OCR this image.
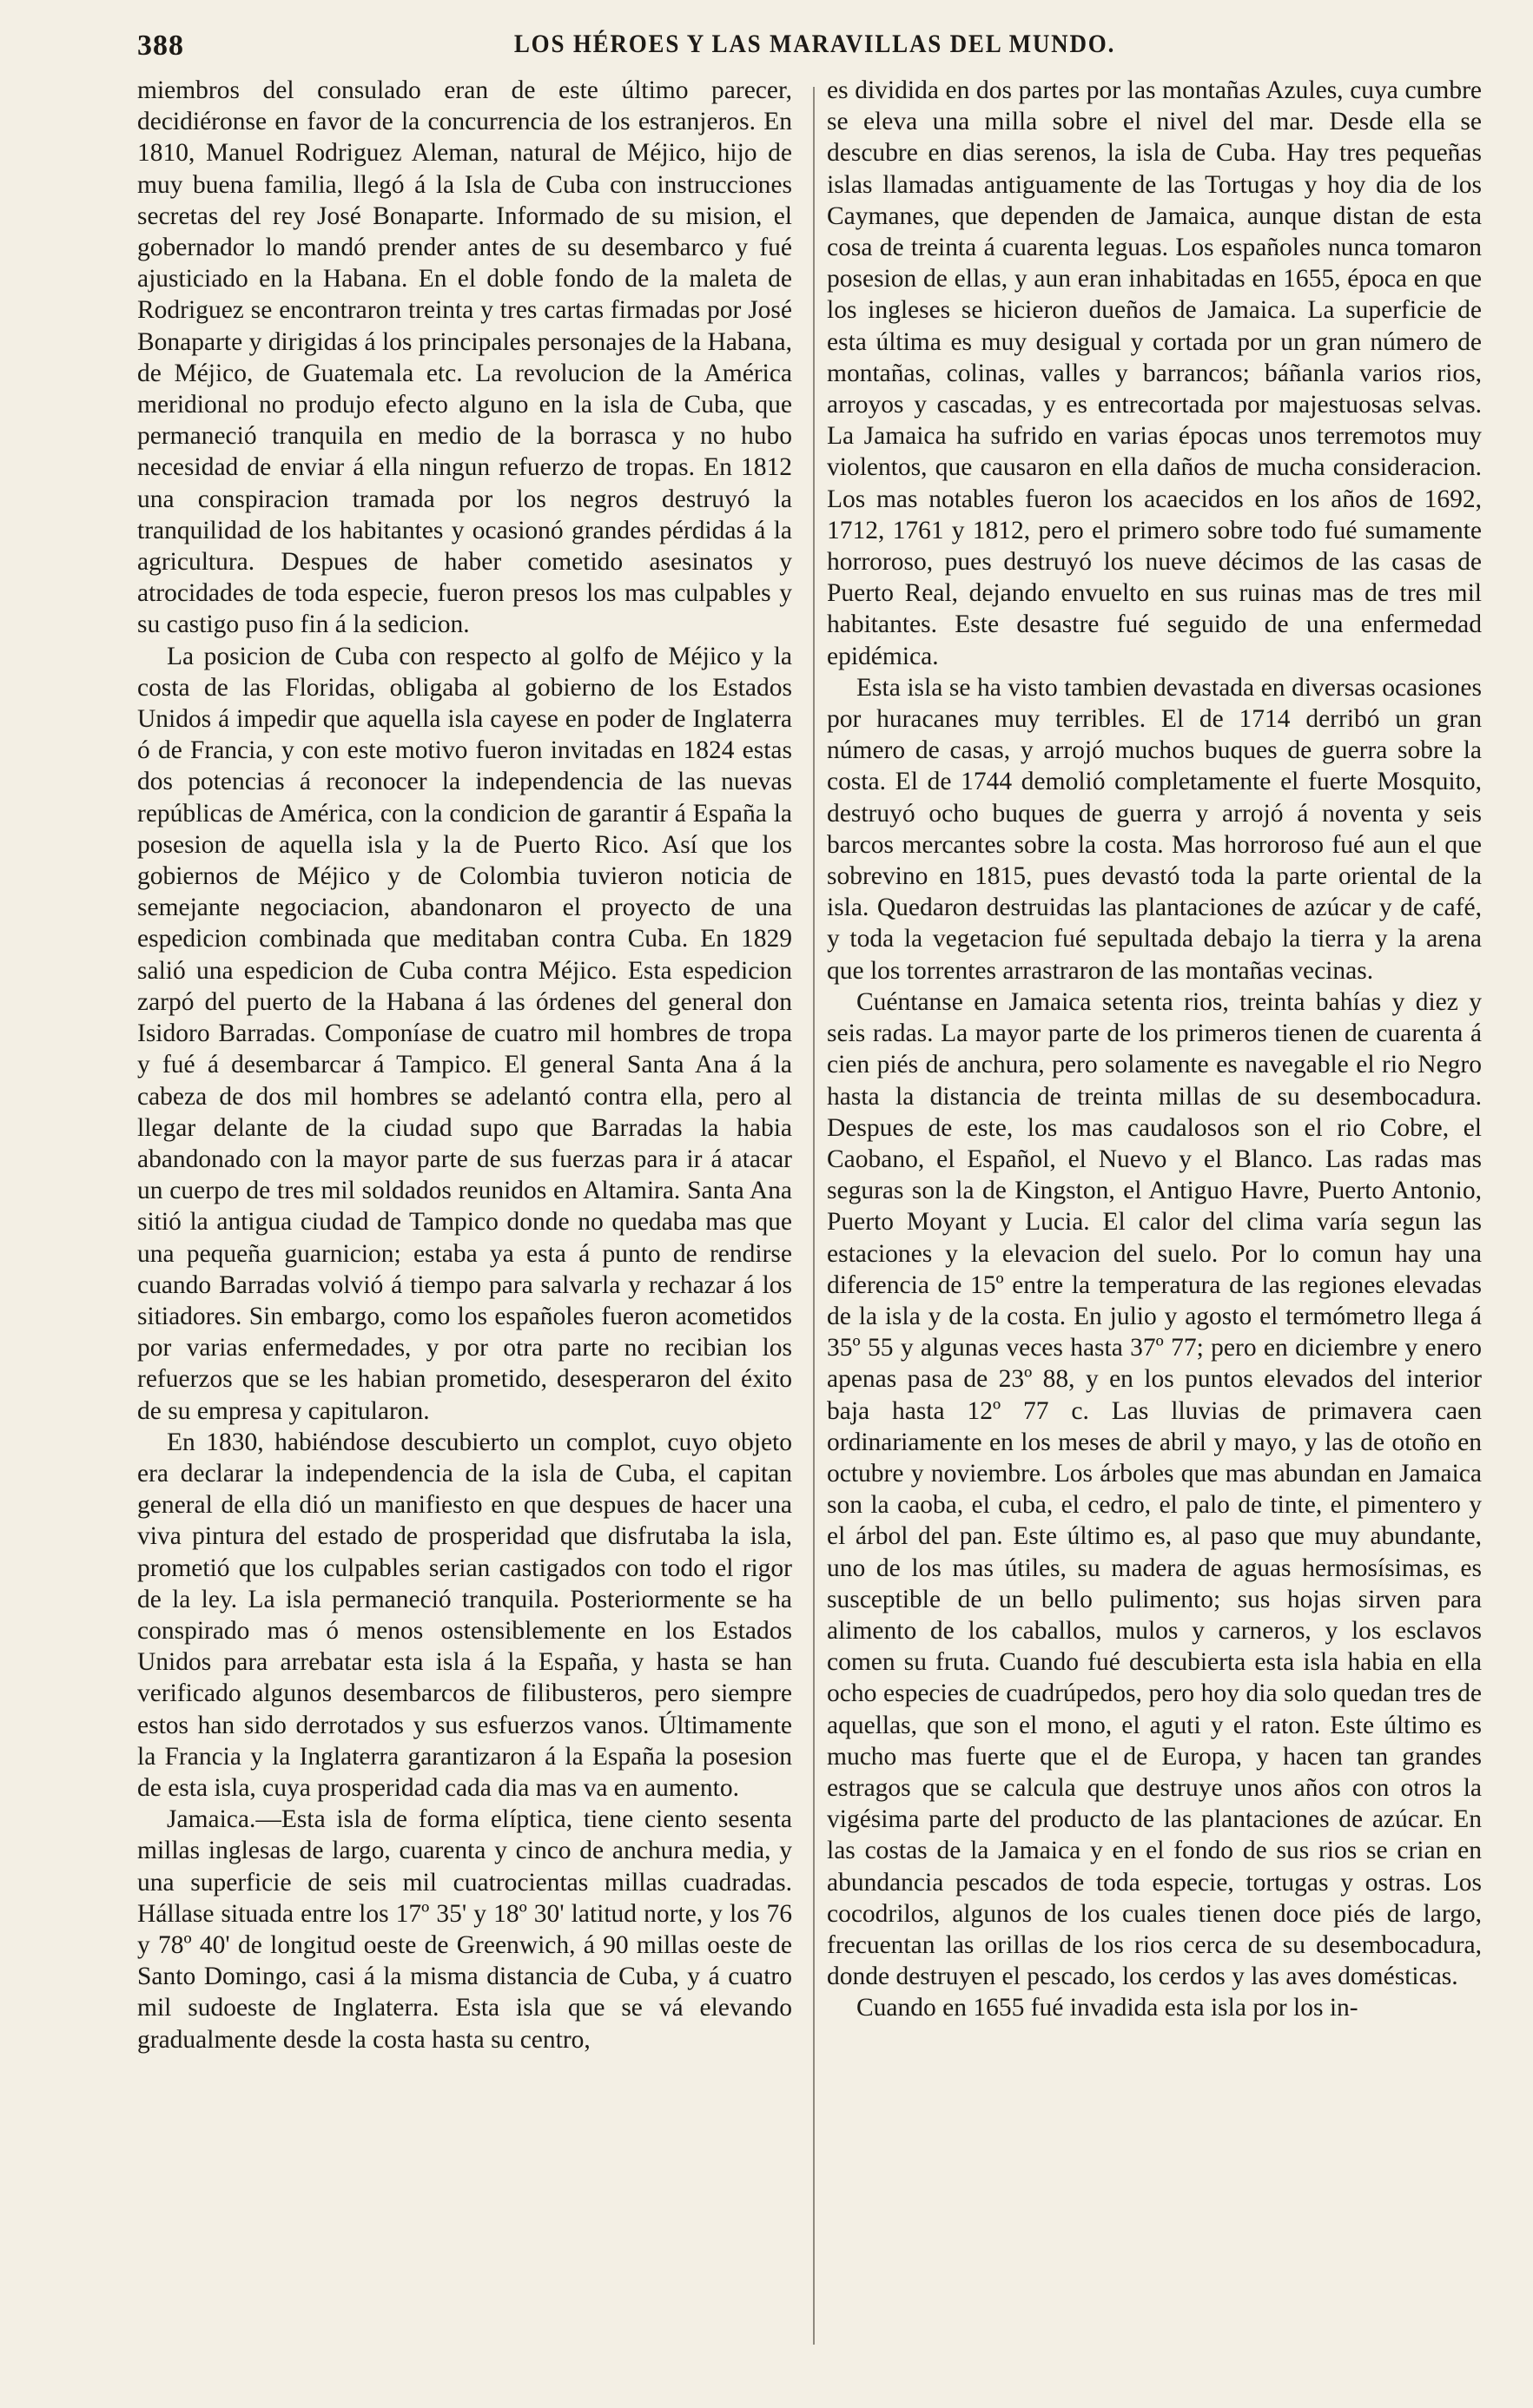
388	LOS HÉROES Y LAS MARAVILLAS DEL MUNDO.

miembros del consulado eran de este último parecer, decidiéronse en favor de la concurrencia de los estranjeros. En 1810, Manuel Rodriguez Aleman, natural de Méjico, hijo de muy buena familia, llegó á la Isla de Cuba con instrucciones secretas del rey José Bonaparte. Informado de su mision, el gobernador lo mandó prender antes de su desembarco y fué ajusticiado en la Habana. En el doble fondo de la maleta de Rodriguez se encontraron treinta y tres cartas firmadas por José Bonaparte y dirigidas á los principales personajes de la Habana, de Méjico, de Guatemala etc. La revolucion de la América meridional no produjo efecto alguno en la isla de Cuba, que permaneció tranquila en medio de la borrasca y no hubo necesidad de enviar á ella ningun refuerzo de tropas. En 1812 una conspiracion tramada por los negros destruyó la tranquilidad de los habitantes y ocasionó grandes pérdidas á la agricultura. Despues de haber cometido asesinatos y atrocidades de toda especie, fueron presos los mas culpables y su castigo puso fin á la sedicion.

La posicion de Cuba con respecto al golfo de Méjico y la costa de las Floridas, obligaba al gobierno de los Estados Unidos á impedir que aquella isla cayese en poder de Inglaterra ó de Francia, y con este motivo fueron invitadas en 1824 estas dos potencias á reconocer la independencia de las nuevas repúblicas de América, con la condicion de garantir á España la posesion de aquella isla y la de Puerto Rico. Así que los gobiernos de Méjico y de Colombia tuvieron noticia de semejante negociacion, abandonaron el proyecto de una espedicion combinada que meditaban contra Cuba. En 1829 salió una espedicion de Cuba contra Méjico. Esta espedicion zarpó del puerto de la Habana á las órdenes del general don Isidoro Barradas. Componíase de cuatro mil hombres de tropa y fué á desembarcar á Tampico. El general Santa Ana á la cabeza de dos mil hombres se adelantó contra ella, pero al llegar delante de la ciudad supo que Barradas la habia abandonado con la mayor parte de sus fuerzas para ir á atacar un cuerpo de tres mil soldados reunidos en Altamira. Santa Ana sitió la antigua ciudad de Tampico donde no quedaba mas que una pequeña guarnicion; estaba ya esta á punto de rendirse cuando Barradas volvió á tiempo para salvarla y rechazar á los sitiadores. Sin embargo, como los españoles fueron acometidos por varias enfermedades, y por otra parte no recibian los refuerzos que se les habian prometido, desesperaron del éxito de su empresa y capitularon.

En 1830, habiéndose descubierto un complot, cuyo objeto era declarar la independencia de la isla de Cuba, el capitan general de ella dió un manifiesto en que despues de hacer una viva pintura del estado de prosperidad que disfrutaba la isla, prometió que los culpables serian castigados con todo el rigor de la ley. La isla permaneció tranquila. Posteriormente se ha conspirado mas ó menos ostensiblemente en los Estados Unidos para arrebatar esta isla á la España, y hasta se han verificado algunos desembarcos de filibusteros, pero siempre estos han sido derrotados y sus esfuerzos vanos. Últimamente la Francia y la Inglaterra garantizaron á la España la posesion de esta isla, cuya prosperidad cada dia mas va en aumento.

Jamaica.—Esta isla de forma elíptica, tiene ciento sesenta millas inglesas de largo, cuarenta y cinco de anchura media, y una superficie de seis mil cuatrocientas millas cuadradas. Hállase situada entre los 17º 35' y 18º 30' latitud norte, y los 76 y 78º 40' de longitud oeste de Greenwich, á 90 millas oeste de Santo Domingo, casi á la misma distancia de Cuba, y á cuatro mil sudoeste de Inglaterra. Esta isla que se vá elevando gradualmente desde la costa hasta su centro,

es dividida en dos partes por las montañas Azules, cuya cumbre se eleva una milla sobre el nivel del mar. Desde ella se descubre en dias serenos, la isla de Cuba. Hay tres pequeñas islas llamadas antiguamente de las Tortugas y hoy dia de los Caymanes, que dependen de Jamaica, aunque distan de esta cosa de treinta á cuarenta leguas. Los españoles nunca tomaron posesion de ellas, y aun eran inhabitadas en 1655, época en que los ingleses se hicieron dueños de Jamaica. La superficie de esta última es muy desigual y cortada por un gran número de montañas, colinas, valles y barrancos; báñanla varios rios, arroyos y cascadas, y es entrecortada por majestuosas selvas. La Jamaica ha sufrido en varias épocas unos terremotos muy violentos, que causaron en ella daños de mucha consideracion. Los mas notables fueron los acaecidos en los años de 1692, 1712, 1761 y 1812, pero el primero sobre todo fué sumamente horroroso, pues destruyó los nueve décimos de las casas de Puerto Real, dejando envuelto en sus ruinas mas de tres mil habitantes. Este desastre fué seguido de una enfermedad epidémica.

Esta isla se ha visto tambien devastada en diversas ocasiones por huracanes muy terribles. El de 1714 derribó un gran número de casas, y arrojó muchos buques de guerra sobre la costa. El de 1744 demolió completamente el fuerte Mosquito, destruyó ocho buques de guerra y arrojó á noventa y seis barcos mercantes sobre la costa. Mas horroroso fué aun el que sobrevino en 1815, pues devastó toda la parte oriental de la isla. Quedaron destruidas las plantaciones de azúcar y de café, y toda la vegetacion fué sepultada debajo la tierra y la arena que los torrentes arrastraron de las montañas vecinas.

Cuéntanse en Jamaica setenta rios, treinta bahías y diez y seis radas. La mayor parte de los primeros tienen de cuarenta á cien piés de anchura, pero solamente es navegable el rio Negro hasta la distancia de treinta millas de su desembocadura. Despues de este, los mas caudalosos son el rio Cobre, el Caobano, el Español, el Nuevo y el Blanco. Las radas mas seguras son la de Kingston, el Antiguo Havre, Puerto Antonio, Puerto Moyant y Lucia. El calor del clima varía segun las estaciones y la elevacion del suelo. Por lo comun hay una diferencia de 15º entre la temperatura de las regiones elevadas de la isla y de la costa. En julio y agosto el termómetro llega á 35º 55 y algunas veces hasta 37º 77; pero en diciembre y enero apenas pasa de 23º 88, y en los puntos elevados del interior baja hasta 12º 77 c. Las lluvias de primavera caen ordinariamente en los meses de abril y mayo, y las de otoño en octubre y noviembre. Los árboles que mas abundan en Jamaica son la caoba, el cuba, el cedro, el palo de tinte, el pimentero y el árbol del pan. Este último es, al paso que muy abundante, uno de los mas útiles, su madera de aguas hermosísimas, es susceptible de un bello pulimento; sus hojas sirven para alimento de los caballos, mulos y carneros, y los esclavos comen su fruta. Cuando fué descubierta esta isla habia en ella ocho especies de cuadrúpedos, pero hoy dia solo quedan tres de aquellas, que son el mono, el aguti y el raton. Este último es mucho mas fuerte que el de Europa, y hacen tan grandes estragos que se calcula que destruye unos años con otros la vigésima parte del producto de las plantaciones de azúcar. En las costas de la Jamaica y en el fondo de sus rios se crian en abundancia pescados de toda especie, tortugas y ostras. Los cocodrilos, algunos de los cuales tienen doce piés de largo, frecuentan las orillas de los rios cerca de su desembocadura, donde destruyen el pescado, los cerdos y las aves domésticas.

Cuando en 1655 fué invadida esta isla por los in-
